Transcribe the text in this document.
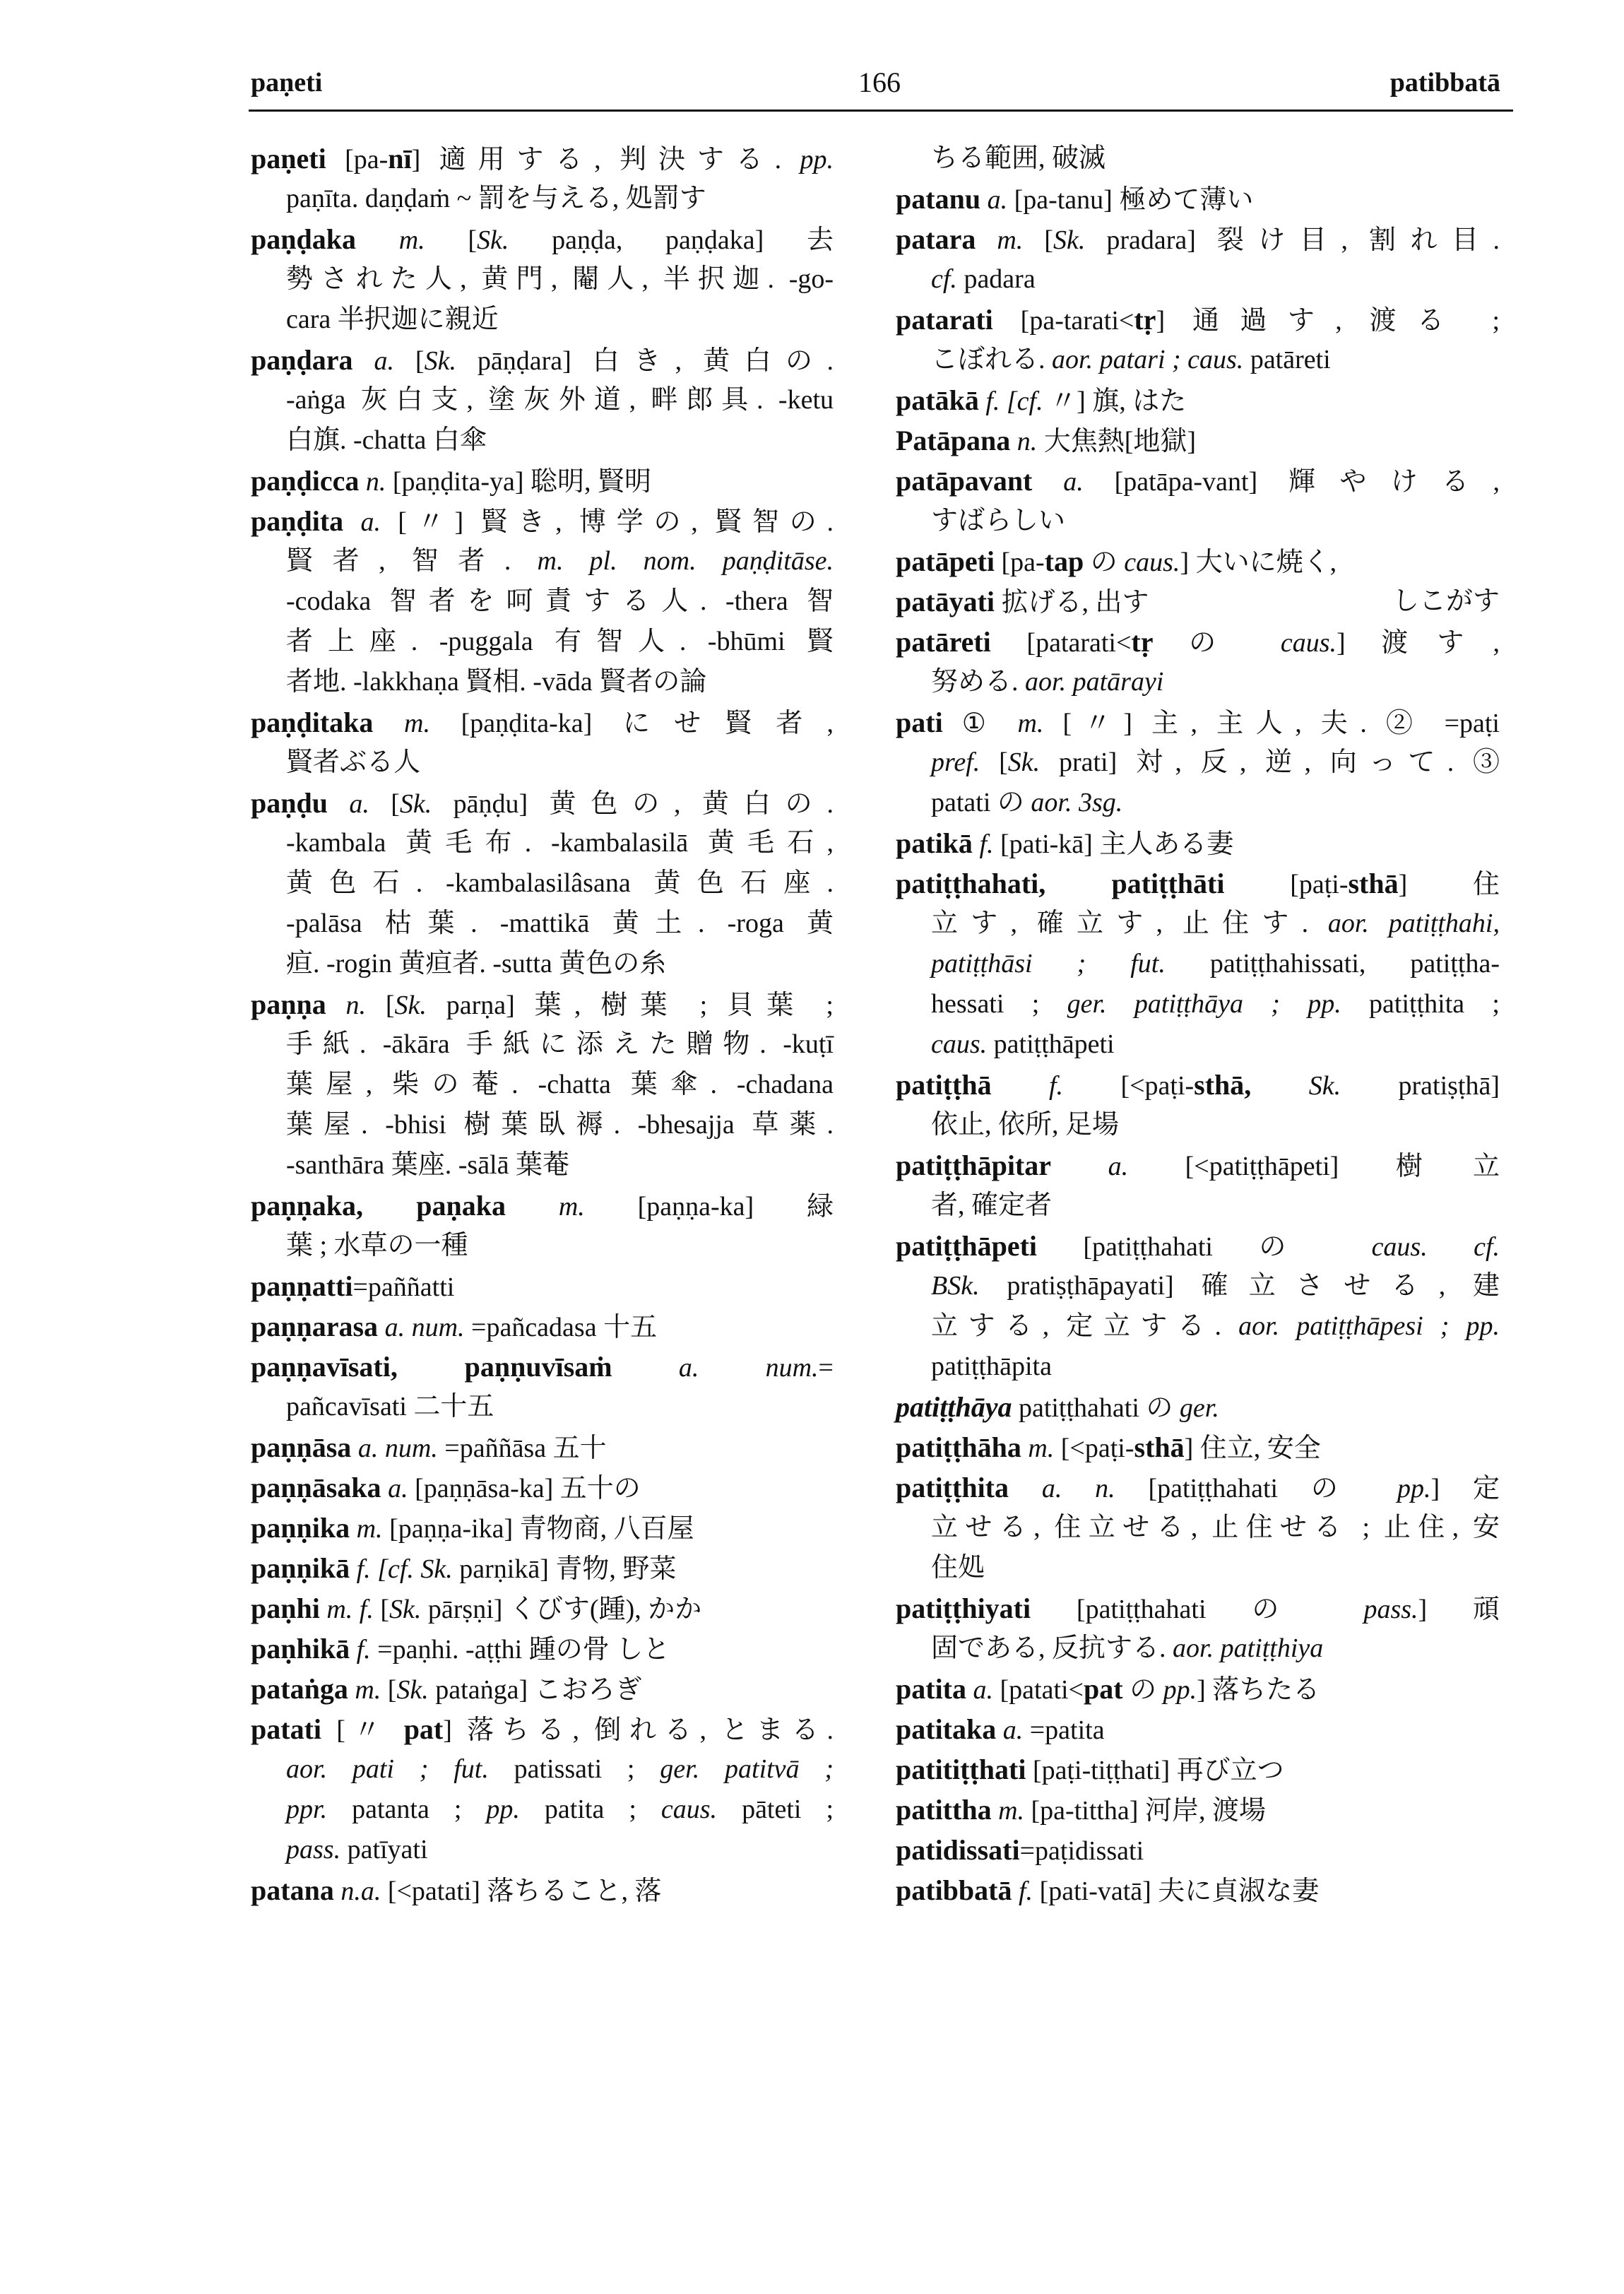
paṇeti	166	patibbatā
paṇeti [pa-nī] 適用する, 判決する. pp.
paṇīta. daṇḍaṁ ~ 罰を与える, 処罰す
paṇḍaka m. [Sk. paṇḍa, paṇḍaka] 去
勢された人, 黄門, 閹人, 半択迦. -go-
cara 半択迦に親近
paṇḍara a. [Sk. pāṇḍara] 白き, 黄白の.
-aṅga 灰白支, 塗灰外道, 畔郎具. -ketu
白旗. -chatta 白傘
paṇḍicca n. [paṇḍita-ya] 聡明, 賢明
paṇḍita a. [〃] 賢き, 博学の, 賢智の.
賢者, 智者. m. pl. nom. paṇḍitāse.
-codaka 智者を呵責する人. -thera 智
者上座. -puggala 有智人. -bhūmi 賢
者地. -lakkhaṇa 賢相. -vāda 賢者の論
paṇḍitaka m. [paṇḍita-ka] にせ賢者,
賢者ぶる人
paṇḍu a. [Sk. pāṇḍu] 黄色の, 黄白の.
-kambala 黄毛布. -kambalasilā 黄毛石,
黄色石. -kambalasilâsana 黄色石座.
-palāsa 枯葉. -mattikā 黄土. -roga 黄
疸. -rogin 黄疸者. -sutta 黄色の糸
paṇṇa n. [Sk. parṇa] 葉, 樹葉 ; 貝葉 ;
手紙. -ākāra 手紙に添えた贈物. -kuṭī
葉屋, 柴の菴. -chatta 葉傘. -chadana
葉屋. -bhisi 樹葉臥褥. -bhesajja 草薬.
-santhāra 葉座. -sālā 葉菴
paṇṇaka, paṇaka m. [paṇṇa-ka] 緑
葉 ; 水草の一種
paṇṇatti=paññatti
paṇṇarasa a. num. =pañcadasa 十五
paṇṇavīsati, paṇṇuvīsaṁ a. num.=
pañcavīsati 二十五
paṇṇāsa a. num. =paññāsa 五十
paṇṇāsaka a. [paṇṇāsa-ka] 五十の
paṇṇika m. [paṇṇa-ika] 青物商, 八百屋
paṇṇikā f. [cf. Sk. parṇikā] 青物, 野菜
paṇhi m. f. [Sk. pārṣṇi] くびす(踵), かか
paṇhikā f. =paṇhi. -aṭṭhi 踵の骨 しと
pataṅga m. [Sk. pataṅga] こおろぎ
patati [〃 pat] 落ちる, 倒れる, とまる.
aor. pati ; fut. patissati ; ger. patitvā ;
ppr. patanta ; pp. patita ; caus. pāteti ;
pass. patīyati
patana n.a. [<patati] 落ちること, 落
ちる範囲, 破滅
patanu a. [pa-tanu] 極めて薄い
patara m. [Sk. pradara] 裂け目, 割れ目.
cf. padara
patarati [pa-tarati<tṛ] 通過す, 渡る ;
こぼれる. aor. patari ; caus. patāreti
patākā f. [cf. 〃] 旗, はた
Patāpana n. 大焦熱[地獄]
patāpavant a. [patāpa-vant] 輝やける,
すばらしい
patāpeti [pa-tap の caus.] 大いに焼く,
patāyati 拡げる, 出す	しこがす
patāreti [patarati<tṛ の caus.] 渡す,
努める. aor. patārayi
pati ① m. [〃] 主, 主人, 夫. ② =paṭi
pref. [Sk. prati] 対, 反, 逆, 向って. ③
patati の aor. 3sg.
patikā f. [pati-kā] 主人ある妻
patiṭṭhahati, patiṭṭhāti [paṭi-sthā] 住
立す, 確立す, 止住す. aor. patiṭṭhahi,
patiṭṭhāsi ; fut. patiṭṭhahissati, patiṭṭha-
hessati ; ger. patiṭṭhāya ; pp. patiṭṭhita ;
caus. patiṭṭhāpeti
patiṭṭhā f. [<paṭi-sthā, Sk. pratiṣṭhā]
依止, 依所, 足場
patiṭṭhāpitar a. [<patiṭṭhāpeti] 樹立
者, 確定者
patiṭṭhāpeti [patiṭṭhahati の caus. cf.
BSk. pratiṣṭhāpayati] 確立させる, 建
立する, 定立する. aor. patiṭṭhāpesi ; pp.
patiṭṭhāpita
patiṭṭhāya patiṭṭhahati の ger.
patiṭṭhāha m. [<paṭi-sthā] 住立, 安全
patiṭṭhita a. n. [patiṭṭhahati の pp.] 定
立せる, 住立せる, 止住せる ; 止住, 安
住処
patiṭṭhiyati [patiṭṭhahati の pass.] 頑
固である, 反抗する. aor. patiṭṭhiya
patita a. [patati<pat の pp.] 落ちたる
patitaka a. =patita
patitiṭṭhati [paṭi-tiṭṭhati] 再び立つ
patittha m. [pa-tittha] 河岸, 渡場
patidissati=paṭidissati
patibbatā f. [pati-vatā] 夫に貞淑な妻
